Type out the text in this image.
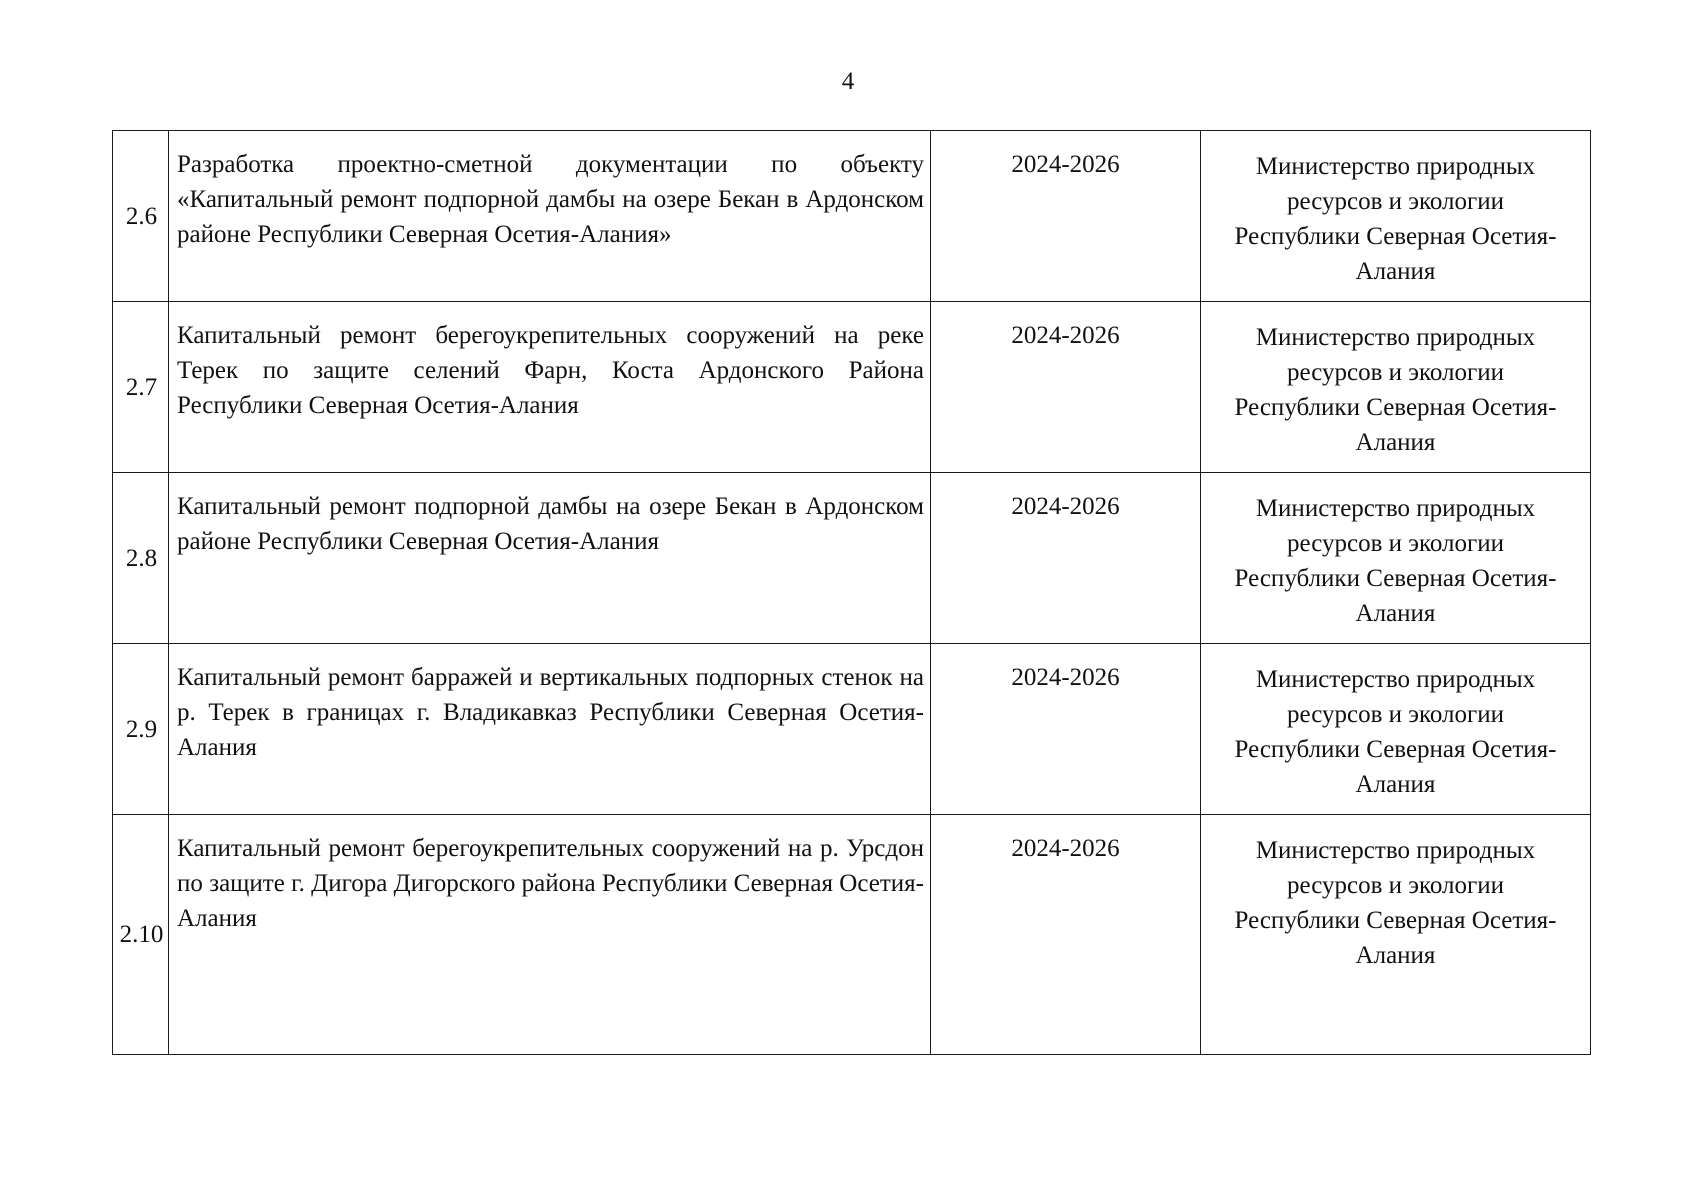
4
2.6	Разработка проектно-сметной документации по объекту «Капитальный ремонт подпорной дамбы на озере Бекан в Ардонском районе Республики Северная Осетия-Алания»	2024-2026	Министерство природных
ресурсов и экологии
Республики Северная Осетия-
Алания

2.7	Капитальный ремонт берегоукрепительных сооружений на реке Терек по защите селений Фарн, Коста Ардонского Района Республики Северная Осетия-Алания	2024-2026	Министерство природных
ресурсов и экологии
Республики Северная Осетия-
Алания

2.8	Капитальный ремонт подпорной дамбы на озере Бекан в Ардонском районе Республики Северная Осетия-Алания	2024-2026	Министерство природных
ресурсов и экологии
Республики Северная Осетия-
Алания

2.9	Капитальный ремонт барражей и вертикальных подпорных стенок на р. Терек в границах г. Владикавказ Республики Северная Осетия-Алания	2024-2026	Министерство природных
ресурсов и экологии
Республики Северная Осетия-
Алания

2.10	Капитальный ремонт берегоукрепительных сооружений на р. Урсдон по защите г. Дигора Дигорского района Республики Северная Осетия-Алания	2024-2026	Министерство природных
ресурсов и экологии
Республики Северная Осетия-
Алания
